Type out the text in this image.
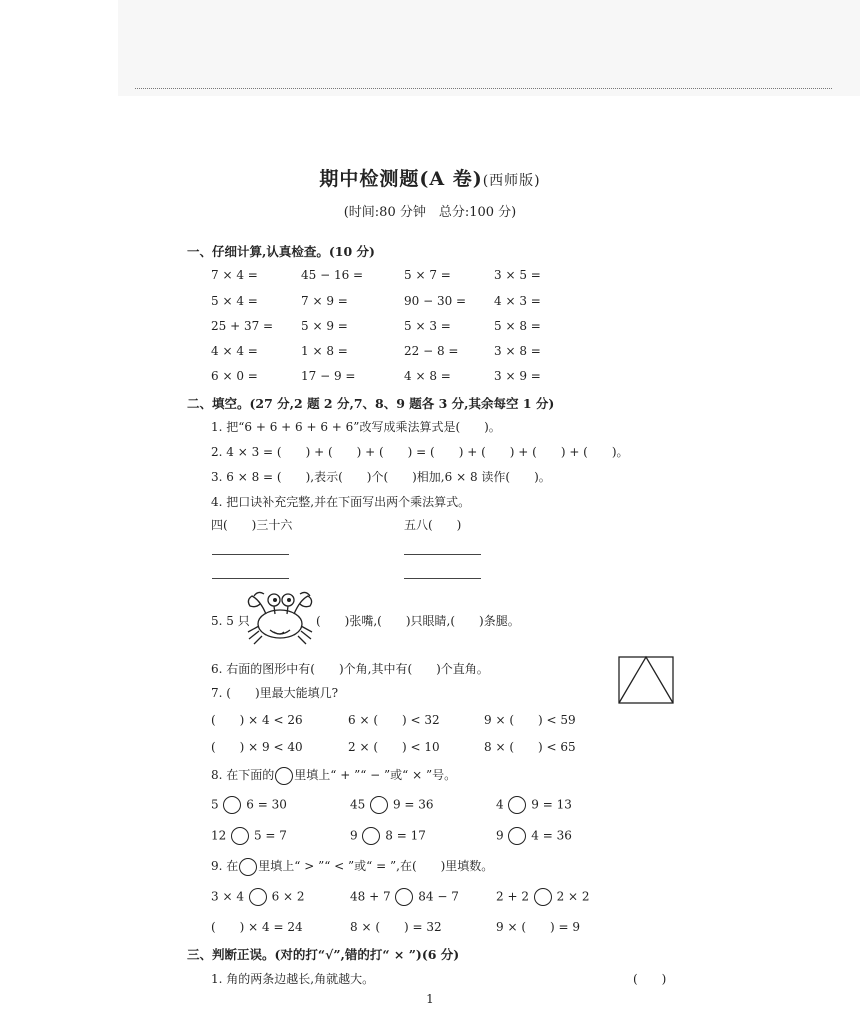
期中检测题(A 卷)(西师版)
(时间:80 分钟　总分:100 分)
一、仔细计算,认真检查。(10 分)
7 × 4 =	45 − 16 =	5 × 7 =	3 × 5 =
5 × 4 =	7 × 9 =	90 − 30 = 4 × 3 =
25 + 37 = 5 × 9 =	5 × 3 =	5 × 8 =
4 × 4 =	1 × 8 =	22 − 8 =	3 × 8 =
6 × 0 =	17 − 9 =	4 × 8 =	3 × 9 =
二、填空。(27 分,2 题 2 分,7、8、9 题各 3 分,其余每空 1 分)
1. 把“6 + 6 + 6 + 6 + 6”改写成乘法算式是(　　)。
2. 4 × 3 = (　　) + (　　) + (　　) = (　　) + (　　) + (　　) + (　　)。
3. 6 × 8 = (　　),表示(　　)个(　　)相加,6 × 8 读作(　　)。
4. 把口诀补充完整,并在下面写出两个乘法算式。
四(　　)三十六	五八(　　)
5. 5 只	(　　)张嘴,(　　)只眼睛,(　　)条腿。
6. 右面的图形中有(　　)个角,其中有(　　)个直角。
7. (　　)里最大能填几?
(　　) × 4 < 26	6 × (　　) < 32	9 × (　　) < 59
(　　) × 9 < 40	2 × (　　) < 10	8 × (　　) < 65
8. 在下面的 里填上“ + ”“ − ”或“ × ”号。
5 6 = 30	45 9 = 36	4 9 = 13
12 5 = 7	9 8 = 17	9 4 = 36
9. 在 里填上“ > ”“ < ”或“ = ”,在(　　)里填数。
3 × 4 6 × 2	48 + 7 84 − 7	2 + 2 2 × 2
(　　) × 4 = 24	8 × (　　) = 32	9 × (　　) = 9
三、判断正误。(对的打“√”,错的打“ × ”)(6 分)
1. 角的两条边越长,角就越大。	(　　)
1
